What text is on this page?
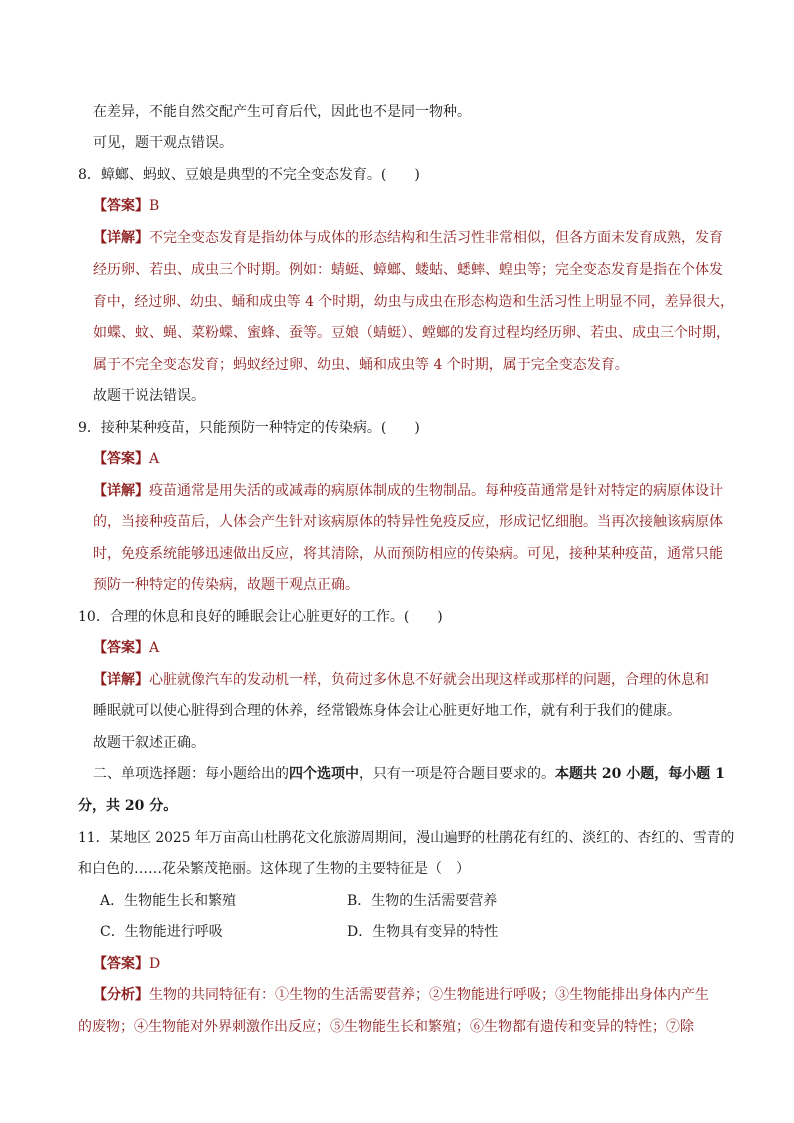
在差异，不能自然交配产生可育后代，因此也不是同一物种。
可见，题干观点错误。
8．蟑螂、蚂蚁、豆娘是典型的不完全变态发育。(　　)
【答案】B
【详解】不完全变态发育是指幼体与成体的形态结构和生活习性非常相似，但各方面未发育成熟，发育
经历卵、若虫、成虫三个时期。例如：蜻蜓、蟑螂、蝼蛄、蟋蟀、蝗虫等；完全变态发育是指在个体发
育中，经过卵、幼虫、蛹和成虫等 4 个时期，幼虫与成虫在形态构造和生活习性上明显不同，差异很大，
如蝶、蚊、蝇、菜粉蝶、蜜蜂、蚕等。豆娘（蜻蜓）、螳螂的发育过程均经历卵、若虫、成虫三个时期，
属于不完全变态发育；蚂蚁经过卵、幼虫、蛹和成虫等 4 个时期，属于完全变态发育。
故题干说法错误。
9．接种某种疫苗，只能预防一种特定的传染病。(　　)
【答案】A
【详解】疫苗通常是用失活的或减毒的病原体制成的生物制品。每种疫苗通常是针对特定的病原体设计
的，当接种疫苗后，人体会产生针对该病原体的特异性免疫反应，形成记忆细胞。当再次接触该病原体
时，免疫系统能够迅速做出反应，将其清除，从而预防相应的传染病。可见，接种某种疫苗，通常只能
预防一种特定的传染病，故题干观点正确。
10．合理的休息和良好的睡眠会让心脏更好的工作。(　　)
【答案】A
【详解】心脏就像汽车的发动机一样，负荷过多休息不好就会出现这样或那样的问题，合理的休息和
睡眠就可以使心脏得到合理的休养，经常锻炼身体会让心脏更好地工作，就有利于我们的健康。
故题干叙述正确。
二、单项选择题：每小题给出的四个选项中，只有一项是符合题目要求的。本题共 20 小题，每小题 1
分，共 20 分。
11．某地区 2025 年万亩高山杜鹃花文化旅游周期间，漫山遍野的杜鹃花有红的、淡红的、杏红的、雪青的
和白色的……花朵繁茂艳丽。这体现了生物的主要特征是（　）
A．生物能生长和繁殖	B．生物的生活需要营养
C．生物能进行呼吸	D．生物具有变异的特性
【答案】D
【分析】生物的共同特征有：①生物的生活需要营养；②生物能进行呼吸；③生物能排出身体内产生
的废物；④生物能对外界刺激作出反应；⑤生物能生长和繁殖；⑥生物都有遗传和变异的特性；⑦除
